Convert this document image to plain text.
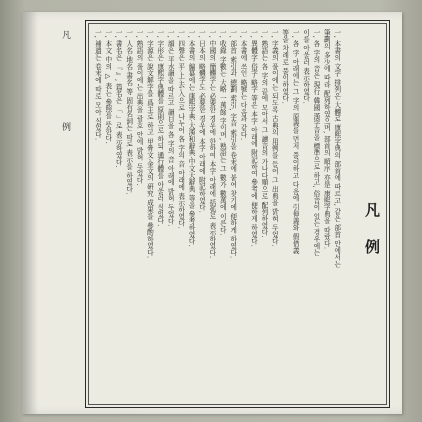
凡 例
凡例
一, 本書의 文字 排列은 大體로 康熙字典의 部首에 따르고, 같은 部首 안에서는
筆劃의 多少에 따라 配列하였으며, 部首의 順序 亦是 康熙字典을 따랐다.
一, 各 字의 音은 現行 韓國 漢字音을 標準으로 하고, 俗音이 있는 경우에는
이를 아울러 表示하였다.
一, 各 字 아래에는 그 字의 原義를 먼저 풀이하고 다음에 引伸義와 假借義
等을 차례로 풀이하였다.
一, 字義의 풀이에는 되도록 古典의 用例를 들어 그 出典을 밝혀 두었다.
一, 熟語는 各 字의 끝에 모아서 그 讀音의 가나다順으로 配列하였다.
一, 異體字·俗字·略字 等은 本字 아래에 附記하여 參考에 便하게 하였다.
一, 本書에 쓰인 略號는 다음과 같다.
一, 部首 索引과 總劃 索引, 字音 索引을 卷末에 붙여 찾기에 便하게 하였다.
一, 收錄 字數는 大略 一萬餘 字이며, 熟語는 그 數가 數萬에 이른다.
一, 中國의 簡體字는 必要한 경우에 한하여 本字 아래에 括弧로 表示하였다.
一, 日本의 略體字도 必要한 경우에 本字 아래에 附記하였다.
一, 本書의 編纂에는 康熙字典·大漢和辭典·中文大辭典 等을 參考하였다.
一, 四聲은 平·上·去·入으로 나누어 各 字의 音 아래에 表示하였다.
一, 韻은 平水韻을 따르고 韻目을 各 字의 音 아래에 밝혀 두었다.
一, 字形은 康熙字典體를 原則으로 하되 通行體를 아울러 실었다.
一, 字源은 說文解字를 爲主로 하고 甲骨文·金文의 硏究 成果를 參酌하였다.
一, 熟語의 풀이에는 出典을 괄호 안에 밝혀 두었다.
一, 人名·地名·書名 等 固有名詞는 따로 表示를 하였다.
一, 書名은 『 』, 篇名은 「 」로 表示하였다.
一, 本文 中의 ▷ 表는 參照를 뜻한다.
一, 補遺는 卷末에 따로 모아 실었다.
